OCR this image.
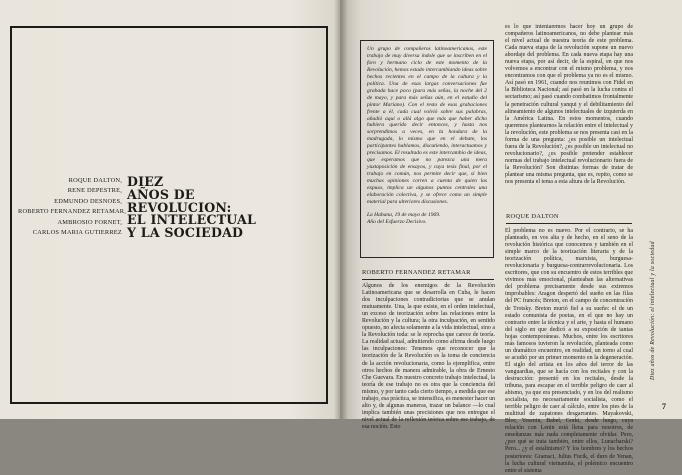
ROQUE DALTON,
RENE DEPESTRE,
EDMUNDO DESNOES,
ROBERTO FERNANDEZ RETAMAR,
AMBROSIO FORNET,
CARLOS MARIA GUTIERREZ
DIEZ
AÑOS DE
REVOLUCION:
EL INTELECTUAL
Y LA SOCIEDAD
Un grupo de compañeros latinoamericanos, este trabajo de muy diversa índole que se inscriben en el foro y hermano ciclo de este momento de la Revolución, hemos estado intercambiando ideas sobre hechos recientes en el campo de la cultura y la política. Una de esas largas conversaciones fue grabada hace poco (para más señas, la noche del 2 de mayo, y para más señas aún, en el estudio del pintor Mariano). Con el resto de esas grabaciones frente a él, cada cual volvió sobre sus palabras, añadió aquí o allá algo que más que haber dicho hubiera querido decir entonces, y hasta nos sorprendimos a veces, en la hondura de la madrugada, lo mismo que en el debate, los participantes hablamos, discutiendo, interactuamos y precisamos. El resultado es este intercambio de ideas, que esperamos que no parezca una mera yuxtaposición de ensayos, y cuya tesis final, por el trabajo en común, nos permite decir que, si bien muchas opiniones corren a cuenta de quien las expuso, implica un algunos puntos centrales una elaboración colectiva, y se ofrece como un simple material para ulteriores discusiones.
La Habana, 19 de mayo de 1969.
Año del Esfuerzo Decisivo.
ROBERTO FERNANDEZ RETAMAR
Algunos de los enemigos de la Revolución Latinoamericana que se desarrolla en Cuba, le hacen dos inculpaciones contradictorias que se anulan mutuamente. Una, la que existe, en el orden intelectual, un exceso de teorización sobre las relaciones entre la Revolución y la cultura; la otra inculpación, en sentido opuesto, no afecta solamente a la vida intelectual, sino a la Revolución toda: se le reprocha que carece de teoría. La realidad actual, admitiendo como afirma desde luego las inculpaciones: Tenemos que reconocer que la teorización de la Revolución es la toma de conciencia de la acción revolucionaria, como la ejemplifica, entre otros hechos de manera admirable, la obra de Ernesto Che Guevara. En nuestro concreto trabajo intelectual, la teoría de ese trabajo no es otra que la conciencia del mismo, y por tanto cada cierto tiempo, a medida que ese trabajo, esa práctica, se intensifica, es menester hacer un alto y, de algunas maneras, trazar un balance —lo cual implica también unas precisiones que nos entregue el nivel actual de la reflexión teórica sobre ese trabajo, de esa noción. Esto
es lo que intentaremos hacer hoy un grupo de compañeros latinoamericanos, no debe plantear más el nivel actual de nuestra teoría de este problema. Cada nueva etapa de la revolución supone un nuevo abordaje del problema. En cada nueva etapa hay una nueva etapa, por así decir, de la espiral, en que nos volvemos a encontrar con el mismo problema, y nos encontramos con que el problema ya no es el mismo. Así pasó en 1961, cuando nos reunimos con Fidel en la Biblioteca Nacional; así pasó en la lucha contra el sectarismo; así pasó cuando combatimos frontalmente la penetración cultural yanqui y el debilitamiento del alineamiento de algunos intelectuales de izquierda en la América Latina. En estos momentos, cuando queremos plantearnos la relación entre el intelectual y la revolución, este problema se nos presenta casi en la forma de una pregunta: ¿es posible un intelectual fuera de la Revolución?, ¿es posible un intelectual no revolucionario?, ¿es posible pretender establecer normas del trabajo intelectual revolucionario fuera de la Revolución? Son distintas formas de tratar de plantear una misma pregunta, que es, repito, como se nos presenta el tema a esta altura de la Revolución.
ROQUE DALTON
El problema no es nuevo. Por el contrario, se ha planteado, en vos alta y de hecho, en el seno de la revolución histórica que conocemos y también en el simple marco de la teorización literaria y de la teorización política, marxista, burguesa-revolucionaria y burguesa-contrarrevolucionaria. Los escritores, que con su encuentro de estos terribles que vivimos más emocional, planteaban las alternativas del problema precisamente desde sus extremos improbables: Aragon despertó del sueño en las filas del PC francés; Breton, en el campo de concentración de Trotsky. Breton murió fiel a su sueño: el de un estado comunista de poetas, en el que no hay un contrario entre la técnica y el arte, y hasta el humano del siglo en que dedicó a su exposición de tantas hojas contemporáneas. Muchos, entre los escritores más famosos tuvieron la revolución, planteada como un dramático encuentro, en realidad, un torno al cual se acudió por un primer momento en la degeneración. El siglo del artista en los años del terror de las vanguardias, que se hacía con los recitales y con la destrucción: presentó en los recitales, desde la tribuna, para escapar en el terrible peligro de caer al abismo, ya que era presenciado, y en los del realismo socialista, no necesariamente socialista, como el terrible peligro de caer al cálculo, entre los pies de la multitud de zapatones desgarrantes. Mayakovski, Bloc, Yesenin, Babel, Gorki, desde luego, cuya relación con Lenin está llena para nosotros, de enseñanzas más nada completamente olvidar. Pero, ¿por qué se trata también, entre ellos, Lunacharski? Pero... ¿y el estalinismo? Y los hombres y los hechos posteriores: Gramsci, Julius Fucik, el duro de Yenan, la lucha cultural vietnamita, el polémico encuentro entre el sistema
Diez años de Revolución: el intelectual y la sociedad
7
